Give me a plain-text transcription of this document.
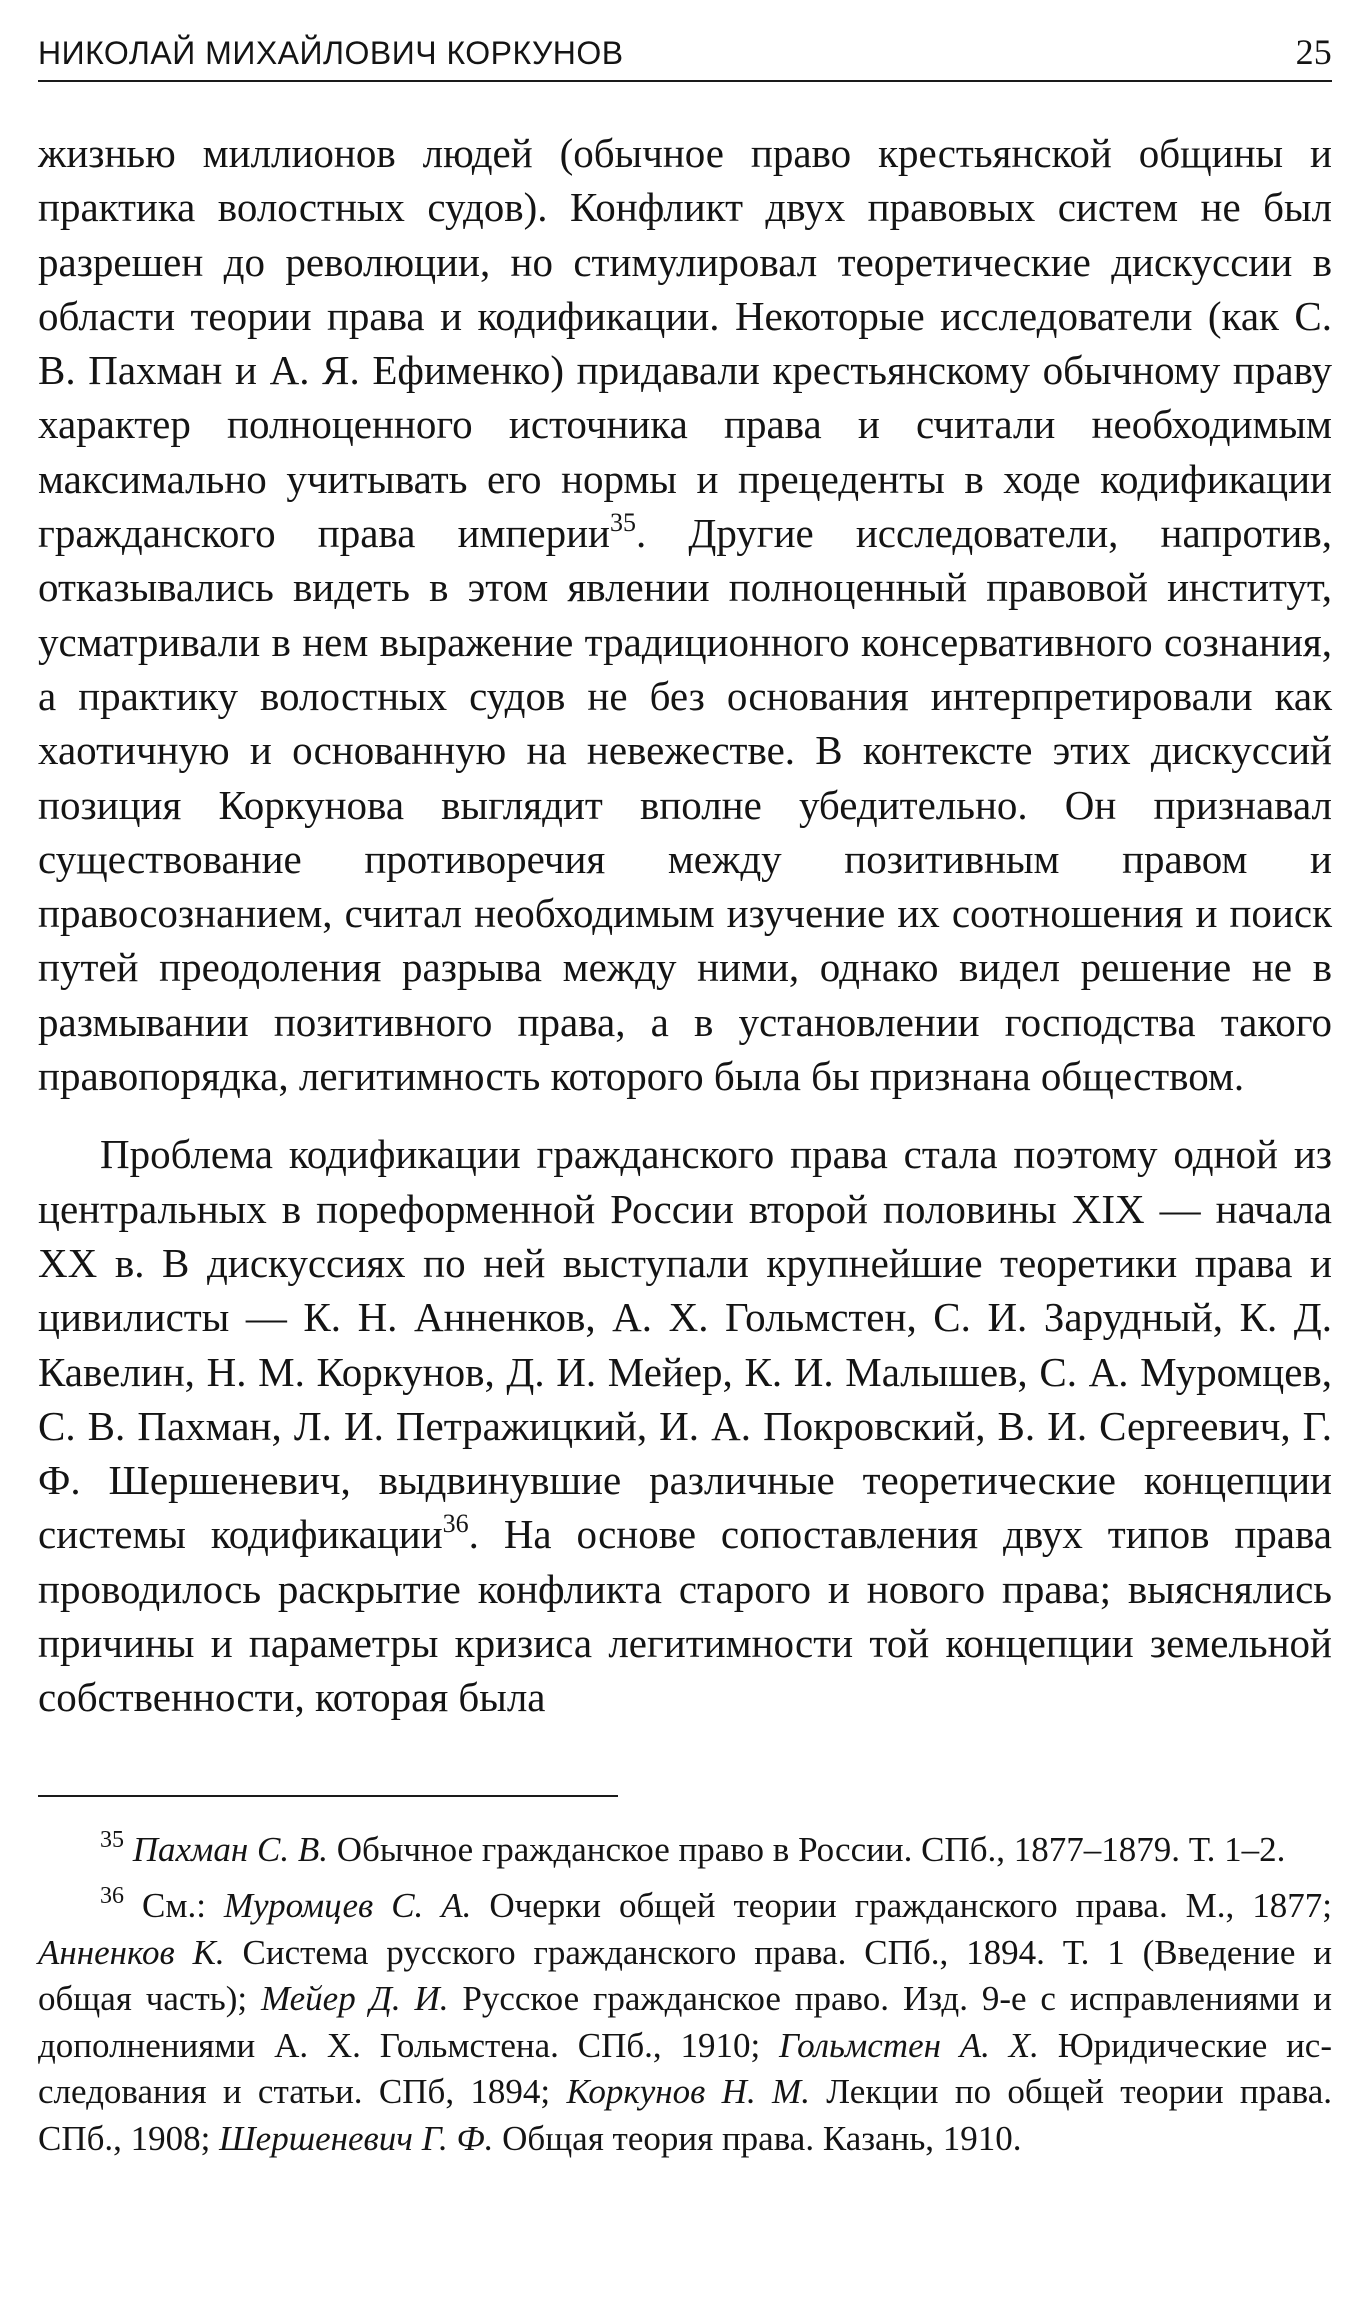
НИКОЛАЙ МИХАЙЛОВИЧ КОРКУНОВ	25

жизнью миллионов людей (обычное право крестьянской общины и практика волостных судов). Конфликт двух правовых систем не был разрешен до революции, но стимулировал теоретические дискуссии в области теории права и кодификации. Некоторые исследователи (как С. В. Пахман и А. Я. Ефименко) придавали крестьянскому обычному праву характер полноценного источника права и считали необходимым максимально учитывать его нормы и прецеденты в ходе кодификации гражданского права империи$^{35}$. Другие исследователи, напротив, отказывались видеть в этом явлении полноценный правовой институт, усматривали в нем выражение традиционного консервативного сознания, а практику волостных судов не без основания интерпретировали как хаотичную и основанную на невежестве. В контексте этих дискуссий позиция Коркунова выглядит вполне убедительно. Он признавал существование противоречия между позитивным правом и правосознанием, считал необходимым изучение их соотношения и поиск путей преодоления разрыва между ними, однако видел решение не в размывании позитивного права, а в установлении господства такого правопорядка, легитимность которого была бы признана обществом.

Проблема кодификации гражданского права стала поэтому одной из центральных в пореформенной России второй половины XIX — начала XX в. В дискуссиях по ней выступали крупнейшие теоретики права и цивилисты — К. Н. Анненков, А. Х. Гольмстен, С. И. Зарудный, К. Д. Кавелин, Н. М. Коркунов, Д. И. Мейер, К. И. Малышев, С. А. Муромцев, С. В. Пахман, Л. И. Петражицкий, И. А. Покровский, В. И. Сергеевич, Г. Ф. Шершеневич, выдвинувшие различные теоретические концепции системы кодификации$^{36}$. На основе сопоставления двух типов права проводилось раскрытие конфликта старого и нового права; выяснялись причины и параметры кризиса легитимности той концепции земельной собственности, которая была

$^{35}$ Пахман С. В. Обычное гражданское право в России. СПб., 1877–1879. Т. 1–2.

$^{36}$ См.: Муромцев С. А. Очерки общей теории гражданского права. М., 1877; Анненков К. Система русского гражданского права. СПб., 1894. Т. 1 (Введение и общая часть); Мейер Д. И. Русское гражданское право. Изд. 9-е с исправлениями и дополнениями А. Х. Гольмстена. СПб., 1910; Гольмстен А. Х. Юридические исследования и статьи. СПб, 1894; Коркунов Н. М. Лекции по общей теории права. СПб., 1908; Шершеневич Г. Ф. Общая теория права. Казань, 1910.
